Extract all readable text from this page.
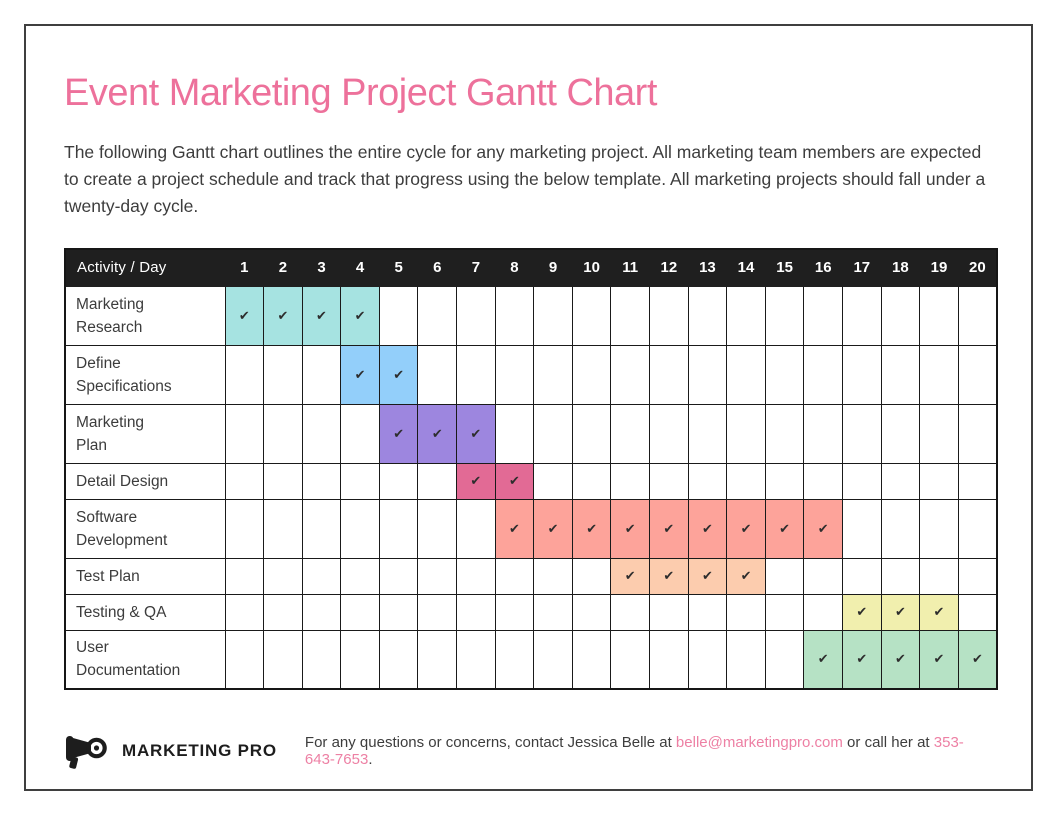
Event Marketing Project Gantt Chart

The following Gantt chart outlines the entire cycle for any marketing project. All marketing team members are expected to create a project schedule and track that progress using the below template. All marketing projects should fall under a twenty-day cycle.

Activity / Day	1	2	3	4	5	6	7	8	9	10	11	12	13	14	15	16	17	18	19	20
Marketing
Research	✔	✔	✔	✔																
Define
Specifications				✔	✔															
Marketing
Plan					✔	✔	✔													
Detail Design							✔	✔												
Software
Development								✔	✔	✔	✔	✔	✔	✔	✔	✔				
Test Plan											✔	✔	✔	✔						
Testing & QA																	✔	✔	✔	
User
Documentation																✔	✔	✔	✔	✔
MARKETING PRO For any questions or concerns, contact Jessica Belle at belle@marketingpro.com or call her at 353-643-7653.
